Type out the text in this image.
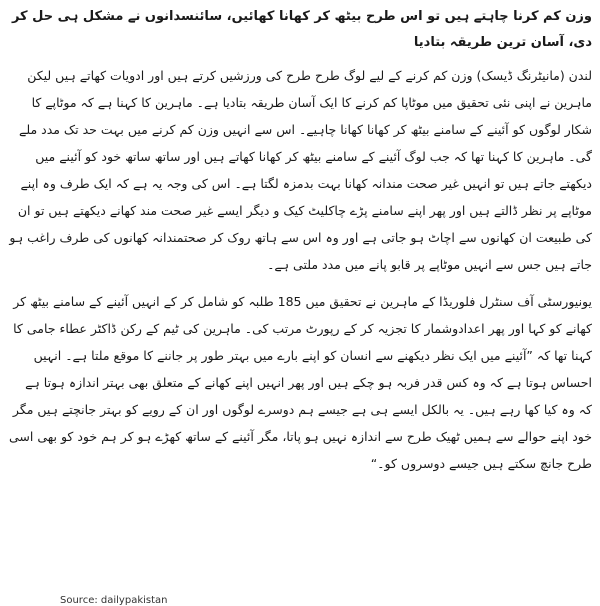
وزن کم کرنا چاہتے ہیں تو اس طرح بیٹھ کر کھانا کھائیں، سائنسدانوں نے مشکل ہی حل کر دی، آسان ترین طریقہ بتادیا
لندن (مانیٹرنگ ڈیسک) وزن کم کرنے کے لیے لوگ طرح طرح کی ورزشیں کرتے ہیں اور ادویات کھاتے ہیں لیکن ماہرین نے اپنی نئی تحقیق میں موٹاپا کم کرنے کا ایک آسان طریقہ بتادیا ہے۔ ماہرین کا کہنا ہے کہ موٹاپے کا شکار لوگوں کو آئینے کے سامنے بیٹھ کر کھانا کھانا چاہیے۔ اس سے انہیں وزن کم کرنے میں بہت حد تک مدد ملے گی۔ ماہرین کا کہنا تھا کہ جب لوگ آئینے کے سامنے بیٹھ کر کھانا کھاتے ہیں اور ساتھ ساتھ خود کو آئینے میں دیکھتے جاتے ہیں تو انہیں غیر صحت مندانہ کھانا بہت بدمزہ لگتا ہے۔ اس کی وجہ یہ ہے کہ ایک طرف وہ اپنے موٹاپے پر نظر ڈالتے ہیں اور پھر اپنے سامنے پڑے چاکلیٹ کیک و دیگر ایسے غیر صحت مند کھانے دیکھتے ہیں تو ان کی طبیعت ان کھانوں سے اچاٹ ہو جاتی ہے اور وہ اس سے ہاتھ روک کر صحتمندانہ کھانوں کی طرف راغب ہو جاتے ہیں جس سے انہیں موٹاپے پر قابو پانے میں مدد ملتی ہے۔
یونیورسٹی آف سنٹرل فلوریڈا کے ماہرین نے تحقیق میں 185 طلبہ کو شامل کر کے انہیں آئینے کے سامنے بیٹھ کر کھانے کو کہا اور پھر اعدادوشمار کا تجزیہ کر کے رپورٹ مرتب کی۔ ماہرین کی ٹیم کے رکن ڈاکٹر عطاء جامی کا کہنا تھا کہ ”آئینے میں ایک نظر دیکھنے سے انسان کو اپنے بارے میں بہتر طور پر جاننے کا موقع ملتا ہے۔ انہیں احساس ہوتا ہے کہ وہ کس قدر فربہ ہو چکے ہیں اور پھر انہیں اپنے کھانے کے متعلق بھی بہتر اندازہ ہوتا ہے کہ وہ کیا کھا رہے ہیں۔ یہ بالکل ایسے ہی ہے جیسے ہم دوسرے لوگوں اور ان کے رویے کو بہتر جانچتے ہیں مگر خود اپنے حوالے سے ہمیں ٹھیک طرح سے اندازہ نہیں ہو پاتا، مگر آئینے کے ساتھ کھڑے ہو کر ہم خود کو بھی اسی طرح جانچ سکتے ہیں جیسے دوسروں کو۔“
Source: dailypakistan
